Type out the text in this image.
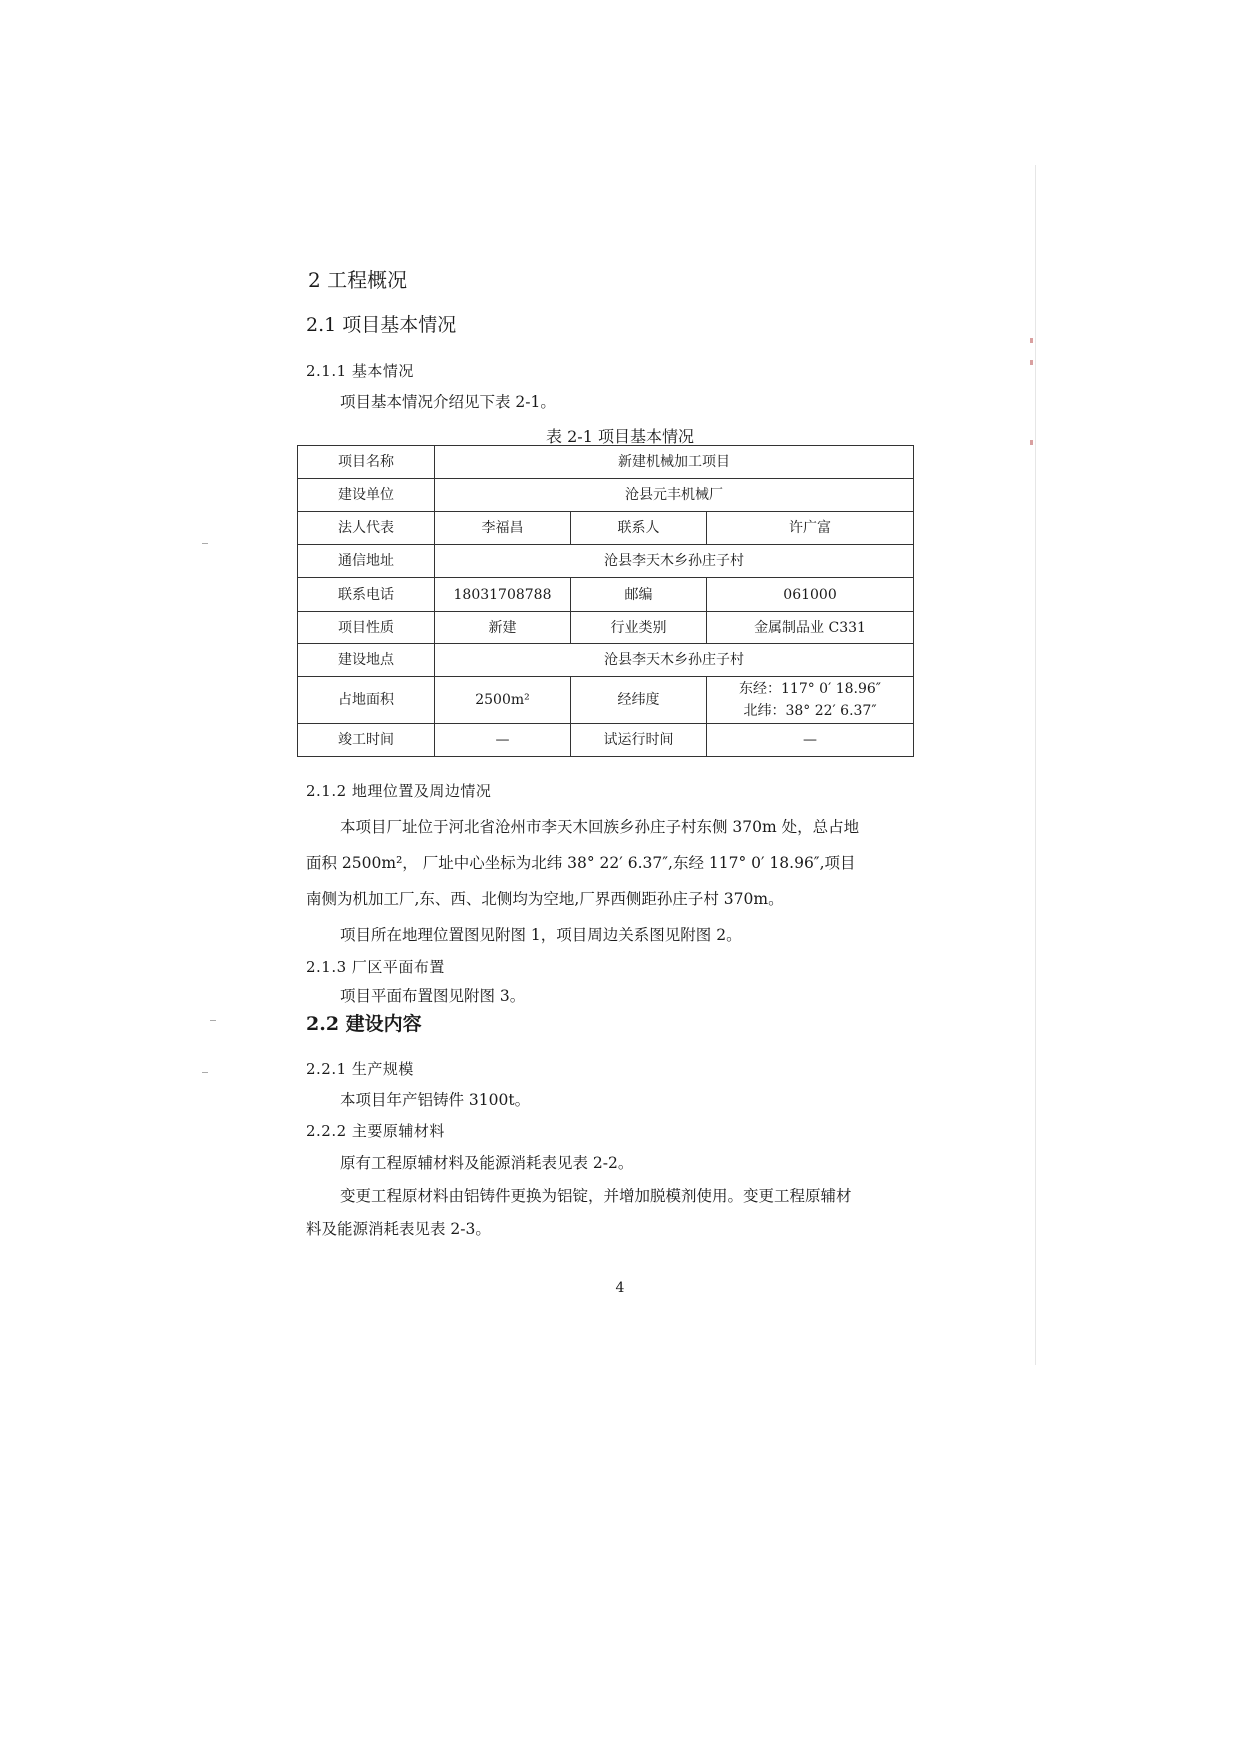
2 工程概况
2.1 项目基本情况
2.1.1 基本情况
项目基本情况介绍见下表 2-1。
表 2-1 项目基本情况
项目名称	新建机械加工项目		
建设单位	沧县元丰机械厂		
法人代表	李福昌	联系人	许广富
通信地址	沧县李天木乡孙庄子村		
联系电话	18031708788	邮编	061000
项目性质	新建	行业类别	金属制品业 C331
建设地点	沧县李天木乡孙庄子村		
占地面积	2500m²	经纬度	东经：117° 0′ 18.96″
北纬：38° 22′ 6.37″

竣工时间	—	试运行时间	—
2.1.2 地理位置及周边情况
本项目厂址位于河北省沧州市李天木回族乡孙庄子村东侧 370m 处，总占地
面积 2500m²， 厂址中心坐标为北纬 38° 22′ 6.37″,东经 117° 0′ 18.96″,项目
南侧为机加工厂,东、西、北侧均为空地,厂界西侧距孙庄子村 370m。
项目所在地理位置图见附图 1，项目周边关系图见附图 2。
2.1.3 厂区平面布置
项目平面布置图见附图 3。
2.2 建设内容
2.2.1 生产规模
本项目年产铝铸件 3100t。
2.2.2 主要原辅材料
原有工程原辅材料及能源消耗表见表 2-2。
变更工程原材料由铝铸件更换为铝锭，并增加脱模剂使用。变更工程原辅材
料及能源消耗表见表 2-3。
4
